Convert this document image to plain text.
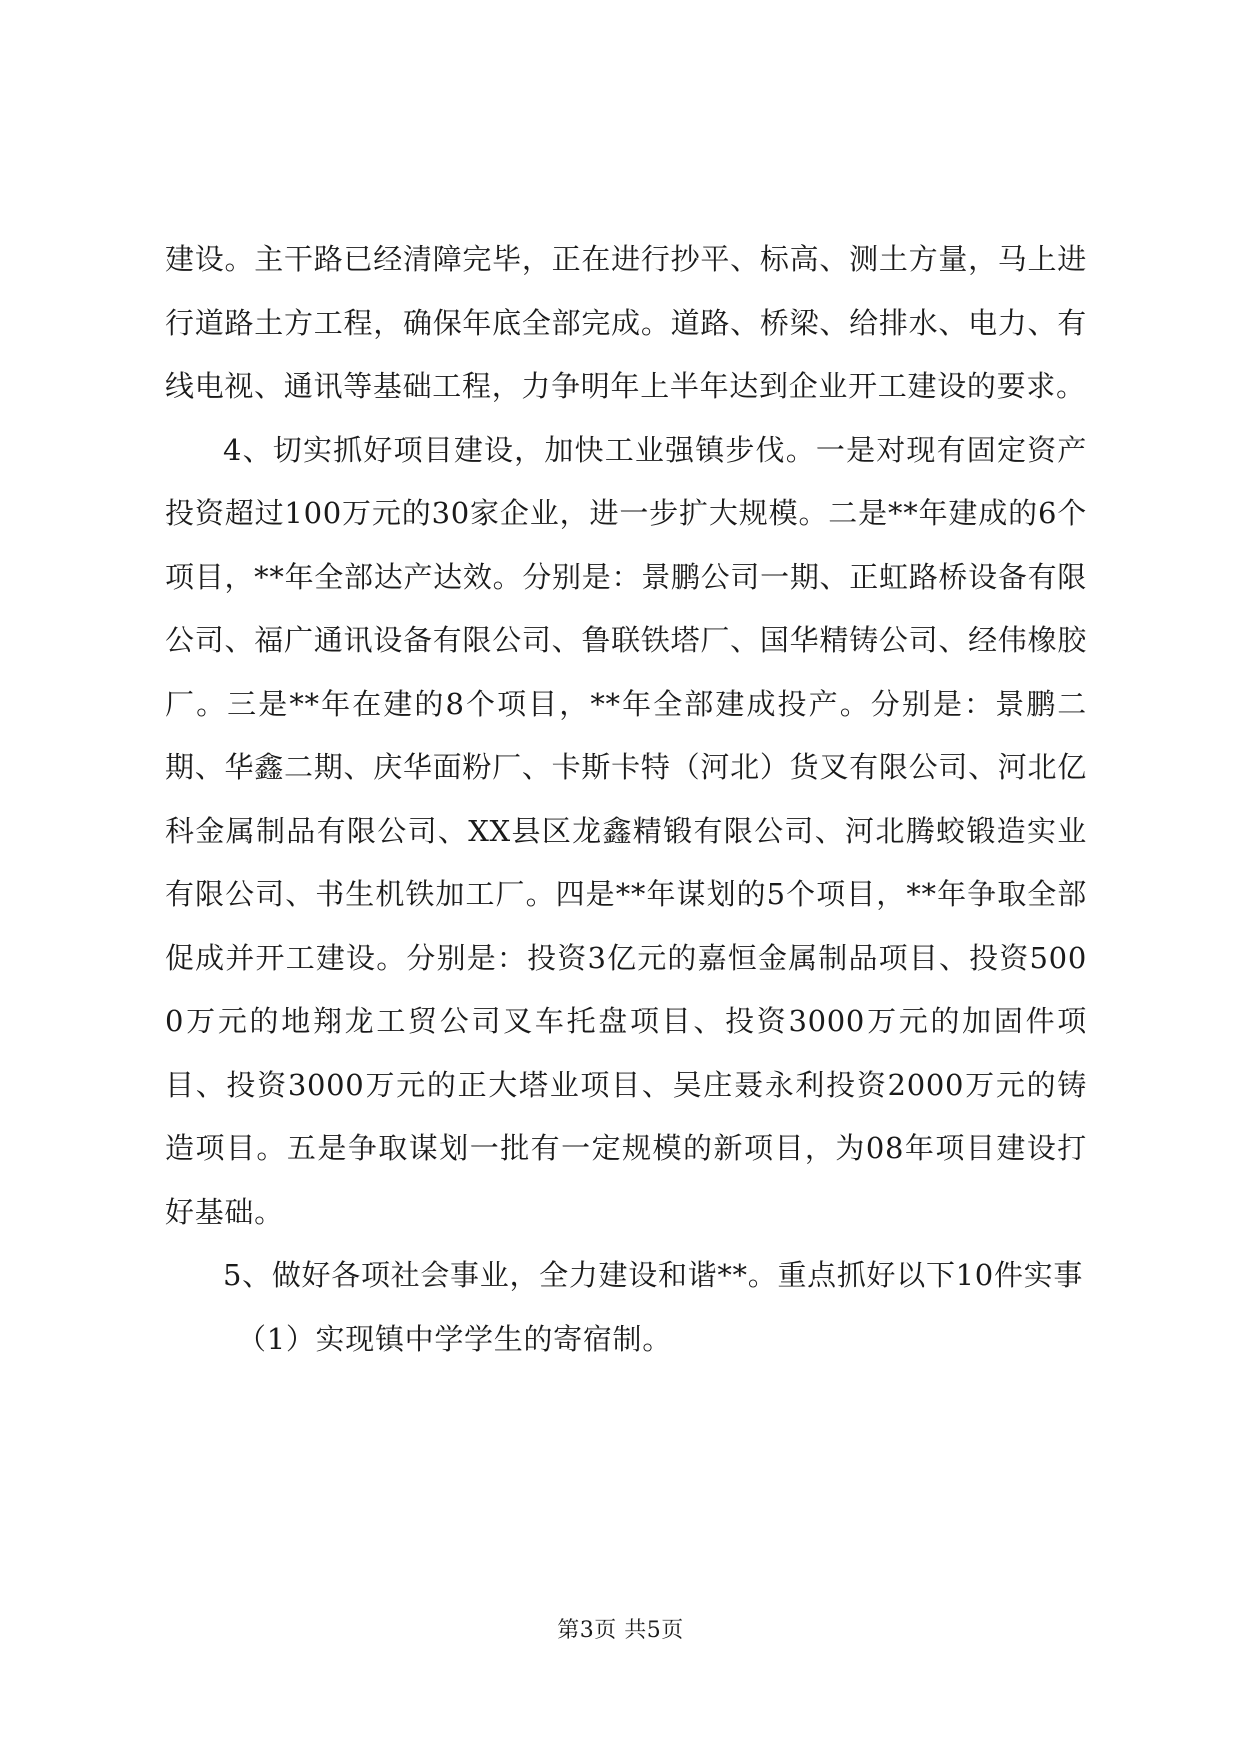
建设。主干路已经清障完毕，正在进行抄平、标高、测土方量，马上进行道路土方工程，确保年底全部完成。道路、桥梁、给排水、电力、有线电视、通讯等基础工程，力争明年上半年达到企业开工建设的要求。

4、切实抓好项目建设，加快工业强镇步伐。一是对现有固定资产投资超过100万元的30家企业，进一步扩大规模。二是**年建成的6个项目，**年全部达产达效。分别是：景鹏公司一期、正虹路桥设备有限公司、福广通讯设备有限公司、鲁联铁塔厂、国华精铸公司、经伟橡胶厂。三是**年在建的8个项目，**年全部建成投产。分别是：景鹏二期、华鑫二期、庆华面粉厂、卡斯卡特（河北）货叉有限公司、河北亿科金属制品有限公司、XX县区龙鑫精锻有限公司、河北腾蛟锻造实业有限公司、书生机铁加工厂。四是**年谋划的5个项目，**年争取全部促成并开工建设。分别是：投资3亿元的嘉恒金属制品项目、投资5000万元的地翔龙工贸公司叉车托盘项目、投资3000万元的加固件项目、投资3000万元的正大塔业项目、吴庄聂永利投资2000万元的铸造项目。五是争取谋划一批有一定规模的新项目，为08年项目建设打好基础。

5、做好各项社会事业，全力建设和谐**。重点抓好以下10件实事

（1）实现镇中学学生的寄宿制。

第3页 共5页
